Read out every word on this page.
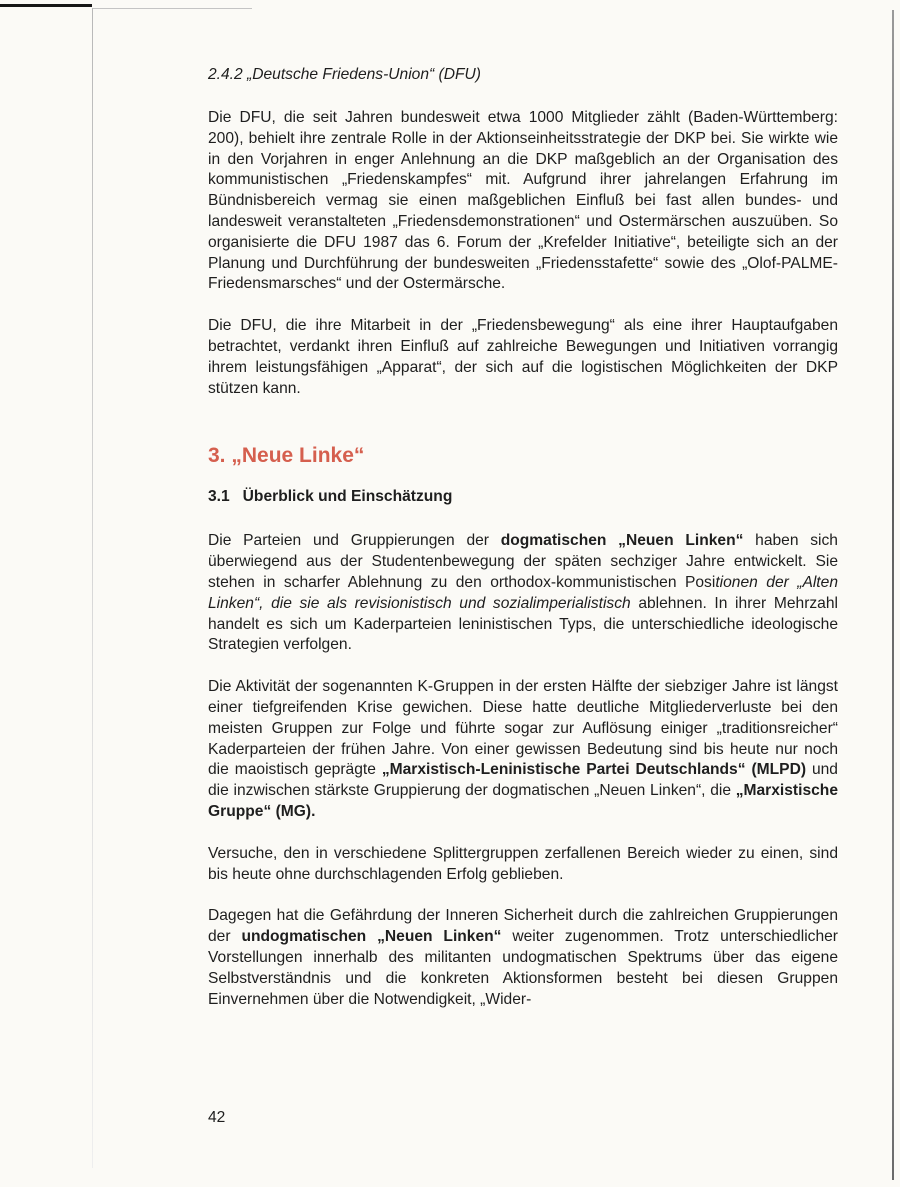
2.4.2 „Deutsche Friedens-Union“ (DFU)

Die DFU, die seit Jahren bundesweit etwa 1000 Mitglieder zählt (Baden-Württemberg: 200), behielt ihre zentrale Rolle in der Aktionseinheitsstrategie der DKP bei. Sie wirkte wie in den Vorjahren in enger Anlehnung an die DKP maßgeblich an der Organisation des kommunistischen „Friedenskampfes“ mit. Aufgrund ihrer jahrelangen Erfahrung im Bündnisbereich vermag sie einen maßgeblichen Einfluß bei fast allen bundes- und landesweit veranstalteten „Friedensdemonstrationen“ und Ostermärschen auszuüben. So organisierte die DFU 1987 das 6. Forum der „Krefelder Initiative“, beteiligte sich an der Planung und Durchführung der bundesweiten „Friedensstafette“ sowie des „Olof-PALME-Friedensmarsches“ und der Ostermärsche.

Die DFU, die ihre Mitarbeit in der „Friedensbewegung“ als eine ihrer Hauptaufgaben betrachtet, verdankt ihren Einfluß auf zahlreiche Bewegungen und Initiativen vorrangig ihrem leistungsfähigen „Apparat“, der sich auf die logistischen Möglichkeiten der DKP stützen kann.

3. „Neue Linke“
3.1   Überblick und Einschätzung

Die Parteien und Gruppierungen der dogmatischen „Neuen Linken“ haben sich überwiegend aus der Studentenbewegung der späten sechziger Jahre entwickelt. Sie stehen in scharfer Ablehnung zu den orthodox-kommunistischen Positionen der „Alten Linken“, die sie als revisionistisch und sozialimperialistisch ablehnen. In ihrer Mehrzahl handelt es sich um Kaderparteien leninistischen Typs, die unterschiedliche ideologische Strategien verfolgen.

Die Aktivität der sogenannten K-Gruppen in der ersten Hälfte der siebziger Jahre ist längst einer tiefgreifenden Krise gewichen. Diese hatte deutliche Mitgliederverluste bei den meisten Gruppen zur Folge und führte sogar zur Auflösung einiger „traditionsreicher“ Kaderparteien der frühen Jahre. Von einer gewissen Bedeutung sind bis heute nur noch die maoistisch geprägte „Marxistisch-Leninistische Partei Deutschlands“ (MLPD) und die inzwischen stärkste Gruppierung der dogmatischen „Neuen Linken“, die „Marxistische Gruppe“ (MG).

Versuche, den in verschiedene Splittergruppen zerfallenen Bereich wieder zu einen, sind bis heute ohne durchschlagenden Erfolg geblieben.

Dagegen hat die Gefährdung der Inneren Sicherheit durch die zahlreichen Gruppierungen der undogmatischen „Neuen Linken“ weiter zugenommen. Trotz unterschiedlicher Vorstellungen innerhalb des militanten undogmatischen Spektrums über das eigene Selbstverständnis und die konkreten Aktionsformen besteht bei diesen Gruppen Einvernehmen über die Notwendigkeit, „Wider-

42
